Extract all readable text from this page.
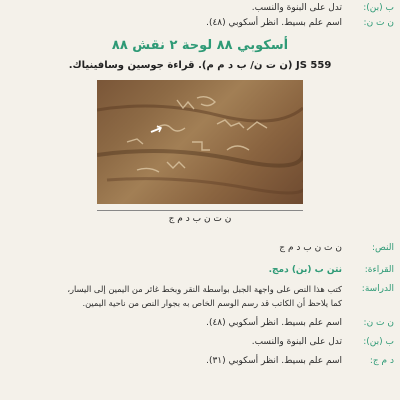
ب (بن):
تدل على البنوة والنسب.
ن ت ن:
اسم علم بسيط. انظر أسكوبي (٤٨).
أسكوبي ٨٨ لوحة ٢ نقش ٨٨
JS 559 (ن ت ن/ ب د م م). قراءة جوسين وسافينياك.
ن ت ن ب د م ج
النص:
ن ت ن ب د م ج
القراءة:
نتن ب (بن) دمج.
الدراسة:
كتب هذا النص على واجهة الجبل بواسطة النقر وبخط غائر من اليمين إلى اليسار،
كما يلاحظ أن الكاتب قد رسم الوسم الخاص به بجوار النص من ناحية اليمين.
ن ت ن:
اسم علم بسيط. انظر أسكوبي (٤٨).
ب (بن):
تدل على البنوة والنسب.
د م ج:
اسم علم بسيط. انظر أسكوبي (٣١).
